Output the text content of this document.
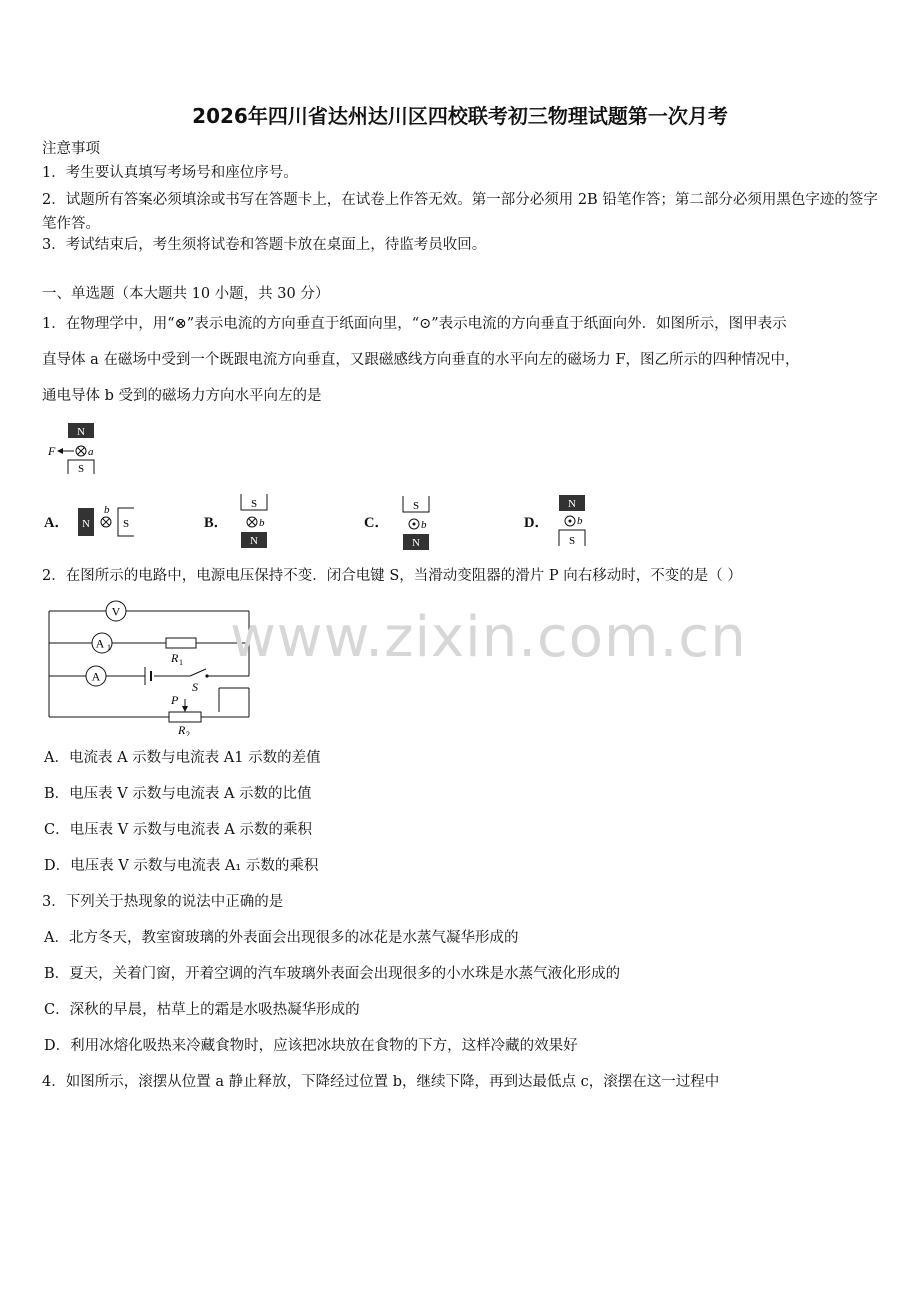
2026年四川省达州达川区四校联考初三物理试题第一次月考
注意事项
1．考生要认真填写考场号和座位序号。
2．试题所有答案必须填涂或书写在答题卡上，在试卷上作答无效。第一部分必须用 2B 铅笔作答；第二部分必须用黑色字迹的签字笔作答。
3．考试结束后，考生须将试卷和答题卡放在桌面上，待监考员收回。
一、单选题（本大题共 10 小题，共 30 分）
1．在物理学中，用“⊗”表示电流的方向垂直于纸面向里，“⊙”表示电流的方向垂直于纸面向外．如图所示，图甲表示
直导体 a 在磁场中受到一个既跟电流方向垂直，又跟磁感线方向垂直的水平向左的磁场力 F，图乙所示的四种情况中，
通电导体 b 受到的磁场力方向水平向左的是
N
F	a
S
A． N
b
S	B．
S
b
N
C．
S
b
N
D．
N
b
S
2．在图所示的电路中，电源电压保持不变．闭合电键 S，当滑动变阻器的滑片 P 向右移动时，不变的是（ ）
V
A 1
R 1
A
S
P
R 2
www.zixin.com.cn
A．电流表 A 示数与电流表 A1 示数的差值
B．电压表 V 示数与电流表 A 示数的比值
C．电压表 V 示数与电流表 A 示数的乘积
D．电压表 V 示数与电流表 A₁ 示数的乘积
3．下列关于热现象的说法中正确的是
A．北方冬天，教室窗玻璃的外表面会出现很多的冰花是水蒸气凝华形成的
B．夏天，关着门窗，开着空调的汽车玻璃外表面会出现很多的小水珠是水蒸气液化形成的
C．深秋的早晨，枯草上的霜是水吸热凝华形成的
D．利用冰熔化吸热来冷藏食物时，应该把冰块放在食物的下方，这样冷藏的效果好
4．如图所示，滚摆从位置 a 静止释放，下降经过位置 b，继续下降，再到达最低点 c，滚摆在这一过程中
